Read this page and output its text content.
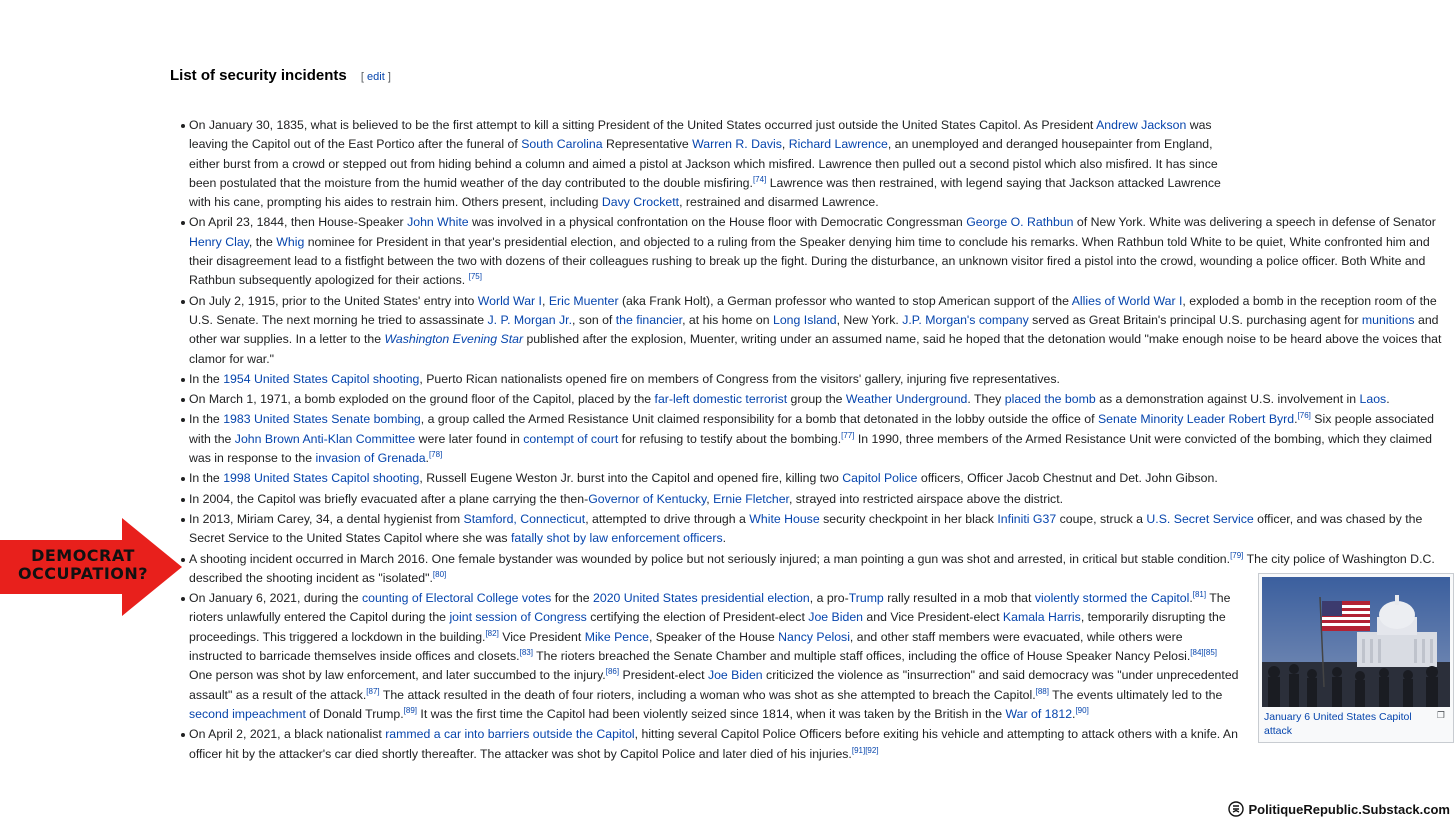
List of security incidents [ edit ]
On January 30, 1835, what is believed to be the first attempt to kill a sitting President of the United States occurred just outside the United States Capitol. As President Andrew Jackson was leaving the Capitol out of the East Portico after the funeral of South Carolina Representative Warren R. Davis, Richard Lawrence, an unemployed and deranged housepainter from England, either burst from a crowd or stepped out from hiding behind a column and aimed a pistol at Jackson which misfired. Lawrence then pulled out a second pistol which also misfired. It has since been postulated that the moisture from the humid weather of the day contributed to the double misfiring.[74] Lawrence was then restrained, with legend saying that Jackson attacked Lawrence with his cane, prompting his aides to restrain him. Others present, including Davy Crockett, restrained and disarmed Lawrence.
On April 23, 1844, then House-Speaker John White was involved in a physical confrontation on the House floor with Democratic Congressman George O. Rathbun of New York. White was delivering a speech in defense of Senator Henry Clay, the Whig nominee for President in that year's presidential election, and objected to a ruling from the Speaker denying him time to conclude his remarks. When Rathbun told White to be quiet, White confronted him and their disagreement lead to a fistfight between the two with dozens of their colleagues rushing to break up the fight. During the disturbance, an unknown visitor fired a pistol into the crowd, wounding a police officer. Both White and Rathbun subsequently apologized for their actions. [75]
On July 2, 1915, prior to the United States' entry into World War I, Eric Muenter (aka Frank Holt), a German professor who wanted to stop American support of the Allies of World War I, exploded a bomb in the reception room of the U.S. Senate. The next morning he tried to assassinate J. P. Morgan Jr., son of the financier, at his home on Long Island, New York. J.P. Morgan's company served as Great Britain's principal U.S. purchasing agent for munitions and other war supplies. In a letter to the Washington Evening Star published after the explosion, Muenter, writing under an assumed name, said he hoped that the detonation would "make enough noise to be heard above the voices that clamor for war."
In the 1954 United States Capitol shooting, Puerto Rican nationalists opened fire on members of Congress from the visitors' gallery, injuring five representatives.
On March 1, 1971, a bomb exploded on the ground floor of the Capitol, placed by the far-left domestic terrorist group the Weather Underground. They placed the bomb as a demonstration against U.S. involvement in Laos.
In the 1983 United States Senate bombing, a group called the Armed Resistance Unit claimed responsibility for a bomb that detonated in the lobby outside the office of Senate Minority Leader Robert Byrd.[76] Six people associated with the John Brown Anti-Klan Committee were later found in contempt of court for refusing to testify about the bombing.[77] In 1990, three members of the Armed Resistance Unit were convicted of the bombing, which they claimed was in response to the invasion of Grenada.[78]
In the 1998 United States Capitol shooting, Russell Eugene Weston Jr. burst into the Capitol and opened fire, killing two Capitol Police officers, Officer Jacob Chestnut and Det. John Gibson.
In 2004, the Capitol was briefly evacuated after a plane carrying the then-Governor of Kentucky, Ernie Fletcher, strayed into restricted airspace above the district.
In 2013, Miriam Carey, 34, a dental hygienist from Stamford, Connecticut, attempted to drive through a White House security checkpoint in her black Infiniti G37 coupe, struck a U.S. Secret Service officer, and was chased by the Secret Service to the United States Capitol where she was fatally shot by law enforcement officers.
A shooting incident occurred in March 2016. One female bystander was wounded by police but not seriously injured; a man pointing a gun was shot and arrested, in critical but stable condition.[79] The city police of Washington D.C. described the shooting incident as "isolated".[80]
On January 6, 2021, during the counting of Electoral College votes for the 2020 United States presidential election, a pro-Trump rally resulted in a mob that violently stormed the Capitol.[81] The rioters unlawfully entered the Capitol during the joint session of Congress certifying the election of President-elect Joe Biden and Vice President-elect Kamala Harris, temporarily disrupting the proceedings. This triggered a lockdown in the building.[82] Vice President Mike Pence, Speaker of the House Nancy Pelosi, and other staff members were evacuated, while others were instructed to barricade themselves inside offices and closets.[83] The rioters breached the Senate Chamber and multiple staff offices, including the office of House Speaker Nancy Pelosi.[84][85] One person was shot by law enforcement, and later succumbed to the injury.[86] President-elect Joe Biden criticized the violence as "insurrection" and said democracy was "under unprecedented assault" as a result of the attack.[87] The attack resulted in the death of four rioters, including a woman who was shot as she attempted to breach the Capitol.[88] The events ultimately led to the second impeachment of Donald Trump.[89] It was the first time the Capitol had been violently seized since 1814, when it was taken by the British in the War of 1812.[90]
On April 2, 2021, a black nationalist rammed a car into barriers outside the Capitol, hitting several Capitol Police Officers before exiting his vehicle and attempting to attack others with a knife. An officer hit by the attacker's car died shortly thereafter. The attacker was shot by Capitol Police and later died of his injuries.[91][92]
❐
January 6 United States Capitol attack
DEMOCRAT
OCCUPATION?
PolitiqueRepublic.Substack.com
